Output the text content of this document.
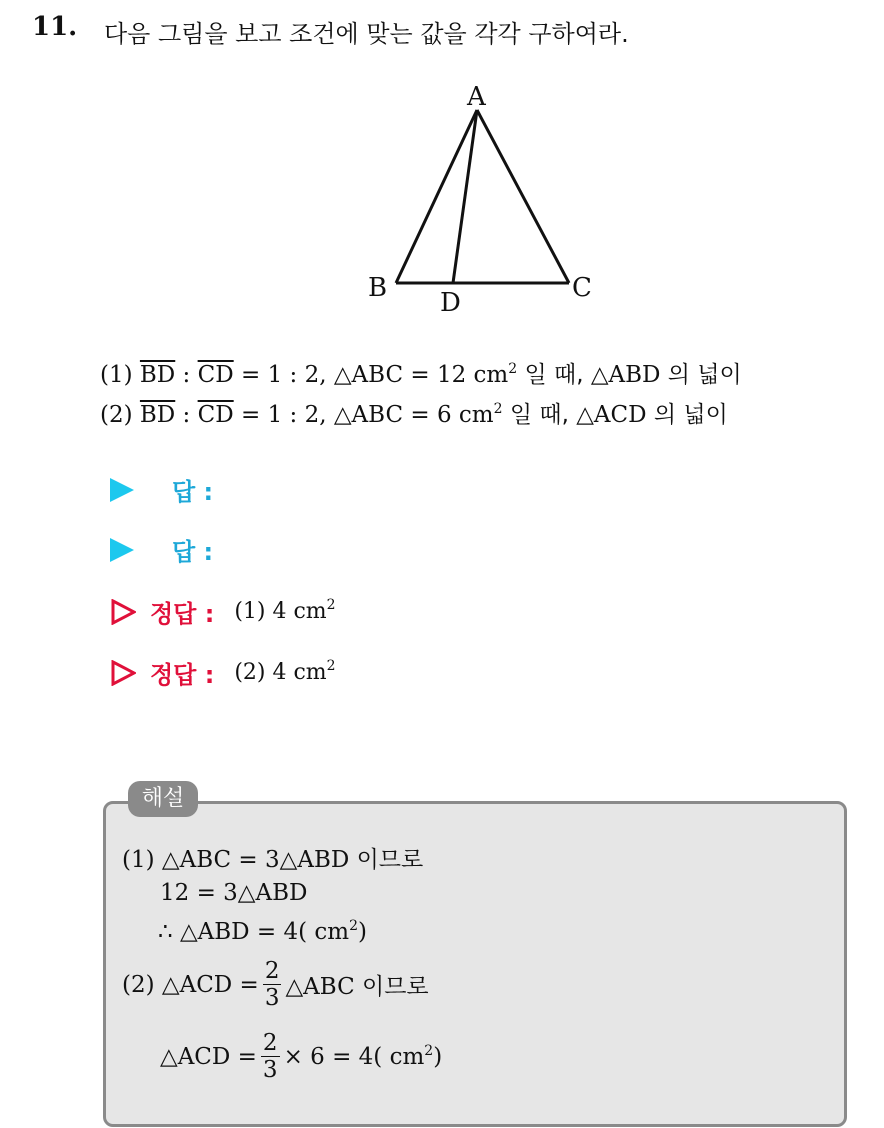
11. 다음 그림을 보고 조건에 맞는 값을 각각 구하여라.
A
B	C
D
(1) $\overline{BD}$ : $\overline{CD} = 1$ : 2, △ABC = 12 $cm^2$ 일 때, △ABD 의 넓이
(2) $\overline{BD}$ : $\overline{CD} = 1$ : 2, △ABC = 6 $cm^2$ 일 때, △ACD 의 넓이
답 :
답 :
정답 : (1) 4 $cm^2$
정답 : (2) 4 $cm^2$
해설
(1) △ABC = 3△ABD 이므로
12 = 3△ABD
∴ △ABD = 4( $cm^2$)
(2) △ACD = $\frac{2}{3}$ △ABC 이므로
△ACD = $\frac{2}{3} \times 6 = 4$( $cm^2$)
